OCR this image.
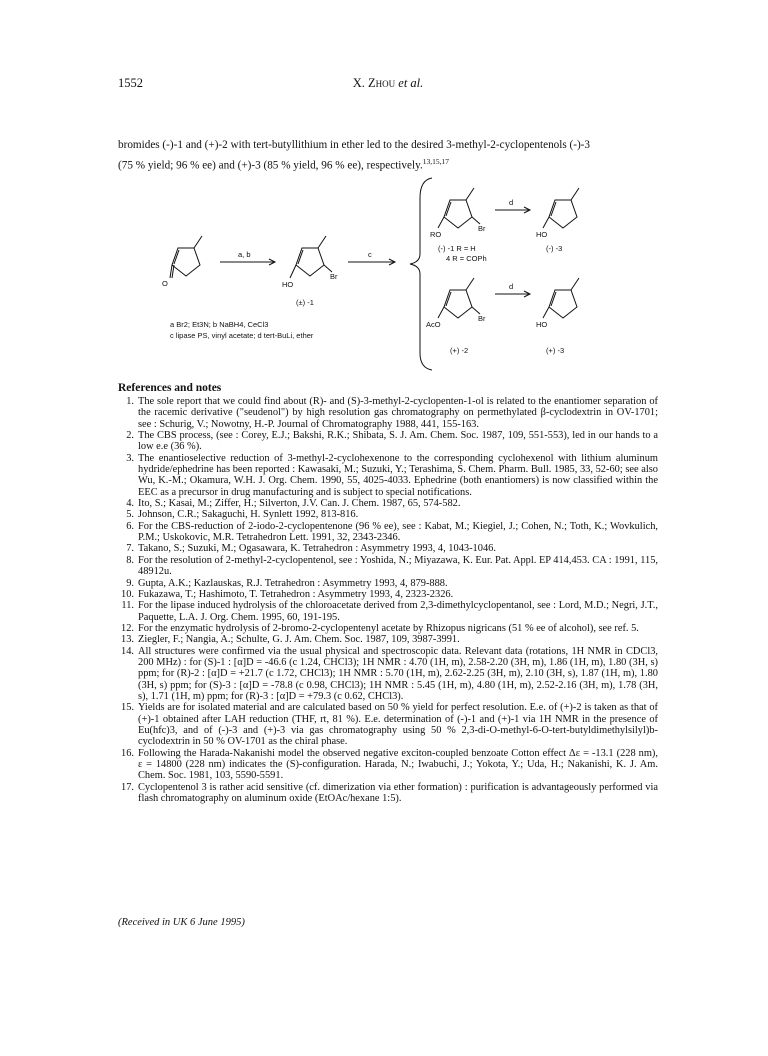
1552	X. Zhou et al.
bromides (-)-1 and (+)-2 with tert-butyllithium in ether led to the desired 3-methyl-2-cyclopentenols (-)-3
(75 % yield; 96 % ee) and (+)-3 (85 % yield, 96 % ee), respectively.$^{13,15,17}$
O
a, b
Br
HO
(±) -1
c
Br
RO
(-) -1 R = H
4 R = COPh
d
HO
(-) -3
Br
AcO
(+) -2
d
HO
(+) -3
a Br2; Et3N; b NaBH4, CeCl3
c lipase PS, vinyl acetate; d tert-BuLi, ether
References and notes
1. The sole report that we could find about (R)- and (S)-3-methyl-2-cyclopenten-1-ol is related to the enantiomer separation of the racemic derivative ("seudenol") by high resolution gas chromatography on permethylated β-cyclodextrin in OV-1701; see : Schurig, V.; Nowotny, H.-P. Journal of Chromatography 1988, 441, 155-163.
2. The CBS process, (see : Corey, E.J.; Bakshi, R.K.; Shibata, S. J. Am. Chem. Soc. 1987, 109, 551-553), led in our hands to a low e.e (36 %).
3. The enantioselective reduction of 3-methyl-2-cyclohexenone to the corresponding cyclohexenol with lithium aluminum hydride/ephedrine has been reported : Kawasaki, M.; Suzuki, Y.; Terashima, S. Chem. Pharm. Bull. 1985, 33, 52-60; see also Wu, K.-M.; Okamura, W.H. J. Org. Chem. 1990, 55, 4025-4033. Ephedrine (both enantiomers) is now classified within the EEC as a precursor in drug manufacturing and is subject to special notifications.
4. Ito, S.; Kasai, M.; Ziffer, H.; Silverton, J.V. Can. J. Chem. 1987, 65, 574-582.
5. Johnson, C.R.; Sakaguchi, H. Synlett 1992, 813-816.
6. For the CBS-reduction of 2-iodo-2-cyclopentenone (96 % ee), see : Kabat, M.; Kiegiel, J.; Cohen, N.; Toth, K.; Wovkulich, P.M.; Uskokovic, M.R. Tetrahedron Lett. 1991, 32, 2343-2346.
7. Takano, S.; Suzuki, M.; Ogasawara, K. Tetrahedron : Asymmetry 1993, 4, 1043-1046.
8. For the resolution of 2-methyl-2-cyclopentenol, see : Yoshida, N.; Miyazawa, K. Eur. Pat. Appl. EP 414,453. CA : 1991, 115, 48912u.
9. Gupta, A.K.; Kazlauskas, R.J. Tetrahedron : Asymmetry 1993, 4, 879-888.
10. Fukazawa, T.; Hashimoto, T. Tetrahedron : Asymmetry 1993, 4, 2323-2326.
11. For the lipase induced hydrolysis of the chloroacetate derived from 2,3-dimethylcyclopentanol, see : Lord, M.D.; Negri, J.T., Paquette, L.A. J. Org. Chem. 1995, 60, 191-195.
12. For the enzymatic hydrolysis of 2-bromo-2-cyclopentenyl acetate by Rhizopus nigricans (51 % ee of alcohol), see ref. 5.
13. Ziegler, F.; Nangia, A.; Schulte, G. J. Am. Chem. Soc. 1987, 109, 3987-3991.
14. All structures were confirmed via the usual physical and spectroscopic data. Relevant data (rotations, 1H NMR in CDCl3, 200 MHz) : for (S)-1 : [α]D = -46.6 (c 1.24, CHCl3); 1H NMR : 4.70 (1H, m), 2.58-2.20 (3H, m), 1.86 (1H, m), 1.80 (3H, s) ppm; for (R)-2 : [α]D = +21.7 (c 1.72, CHCl3); 1H NMR : 5.70 (1H, m), 2.62-2.25 (3H, m), 2.10 (3H, s), 1.87 (1H, m), 1.80 (3H, s) ppm; for (S)-3 : [α]D = -78.8 (c 0.98, CHCl3); 1H NMR : 5.45 (1H, m), 4.80 (1H, m), 2.52-2.16 (3H, m), 1.78 (3H, s), 1.71 (1H, m) ppm; for (R)-3 : [α]D = +79.3 (c 0.62, CHCl3).
15. Yields are for isolated material and are calculated based on 50 % yield for perfect resolution. E.e. of (+)-2 is taken as that of (+)-1 obtained after LAH reduction (THF, rt, 81 %). E.e. determination of (-)-1 and (+)-1 via 1H NMR in the presence of Eu(hfc)3, and of (-)-3 and (+)-3 via gas chromatography using 50 % 2,3-di-O-methyl-6-O-tert-butyldimethylsilyl)b-cyclodextrin in 50 % OV-1701 as the chiral phase.
16. Following the Harada-Nakanishi model the observed negative exciton-coupled benzoate Cotton effect Δε = -13.1 (228 nm), ε = 14800 (228 nm) indicates the (S)-configuration. Harada, N.; Iwabuchi, J.; Yokota, Y.; Uda, H.; Nakanishi, K. J. Am. Chem. Soc. 1981, 103, 5590-5591.
17. Cyclopentenol 3 is rather acid sensitive (cf. dimerization via ether formation) : purification is advantageously performed via flash chromatography on aluminum oxide (EtOAc/hexane 1:5).
(Received in UK 6 June 1995)
